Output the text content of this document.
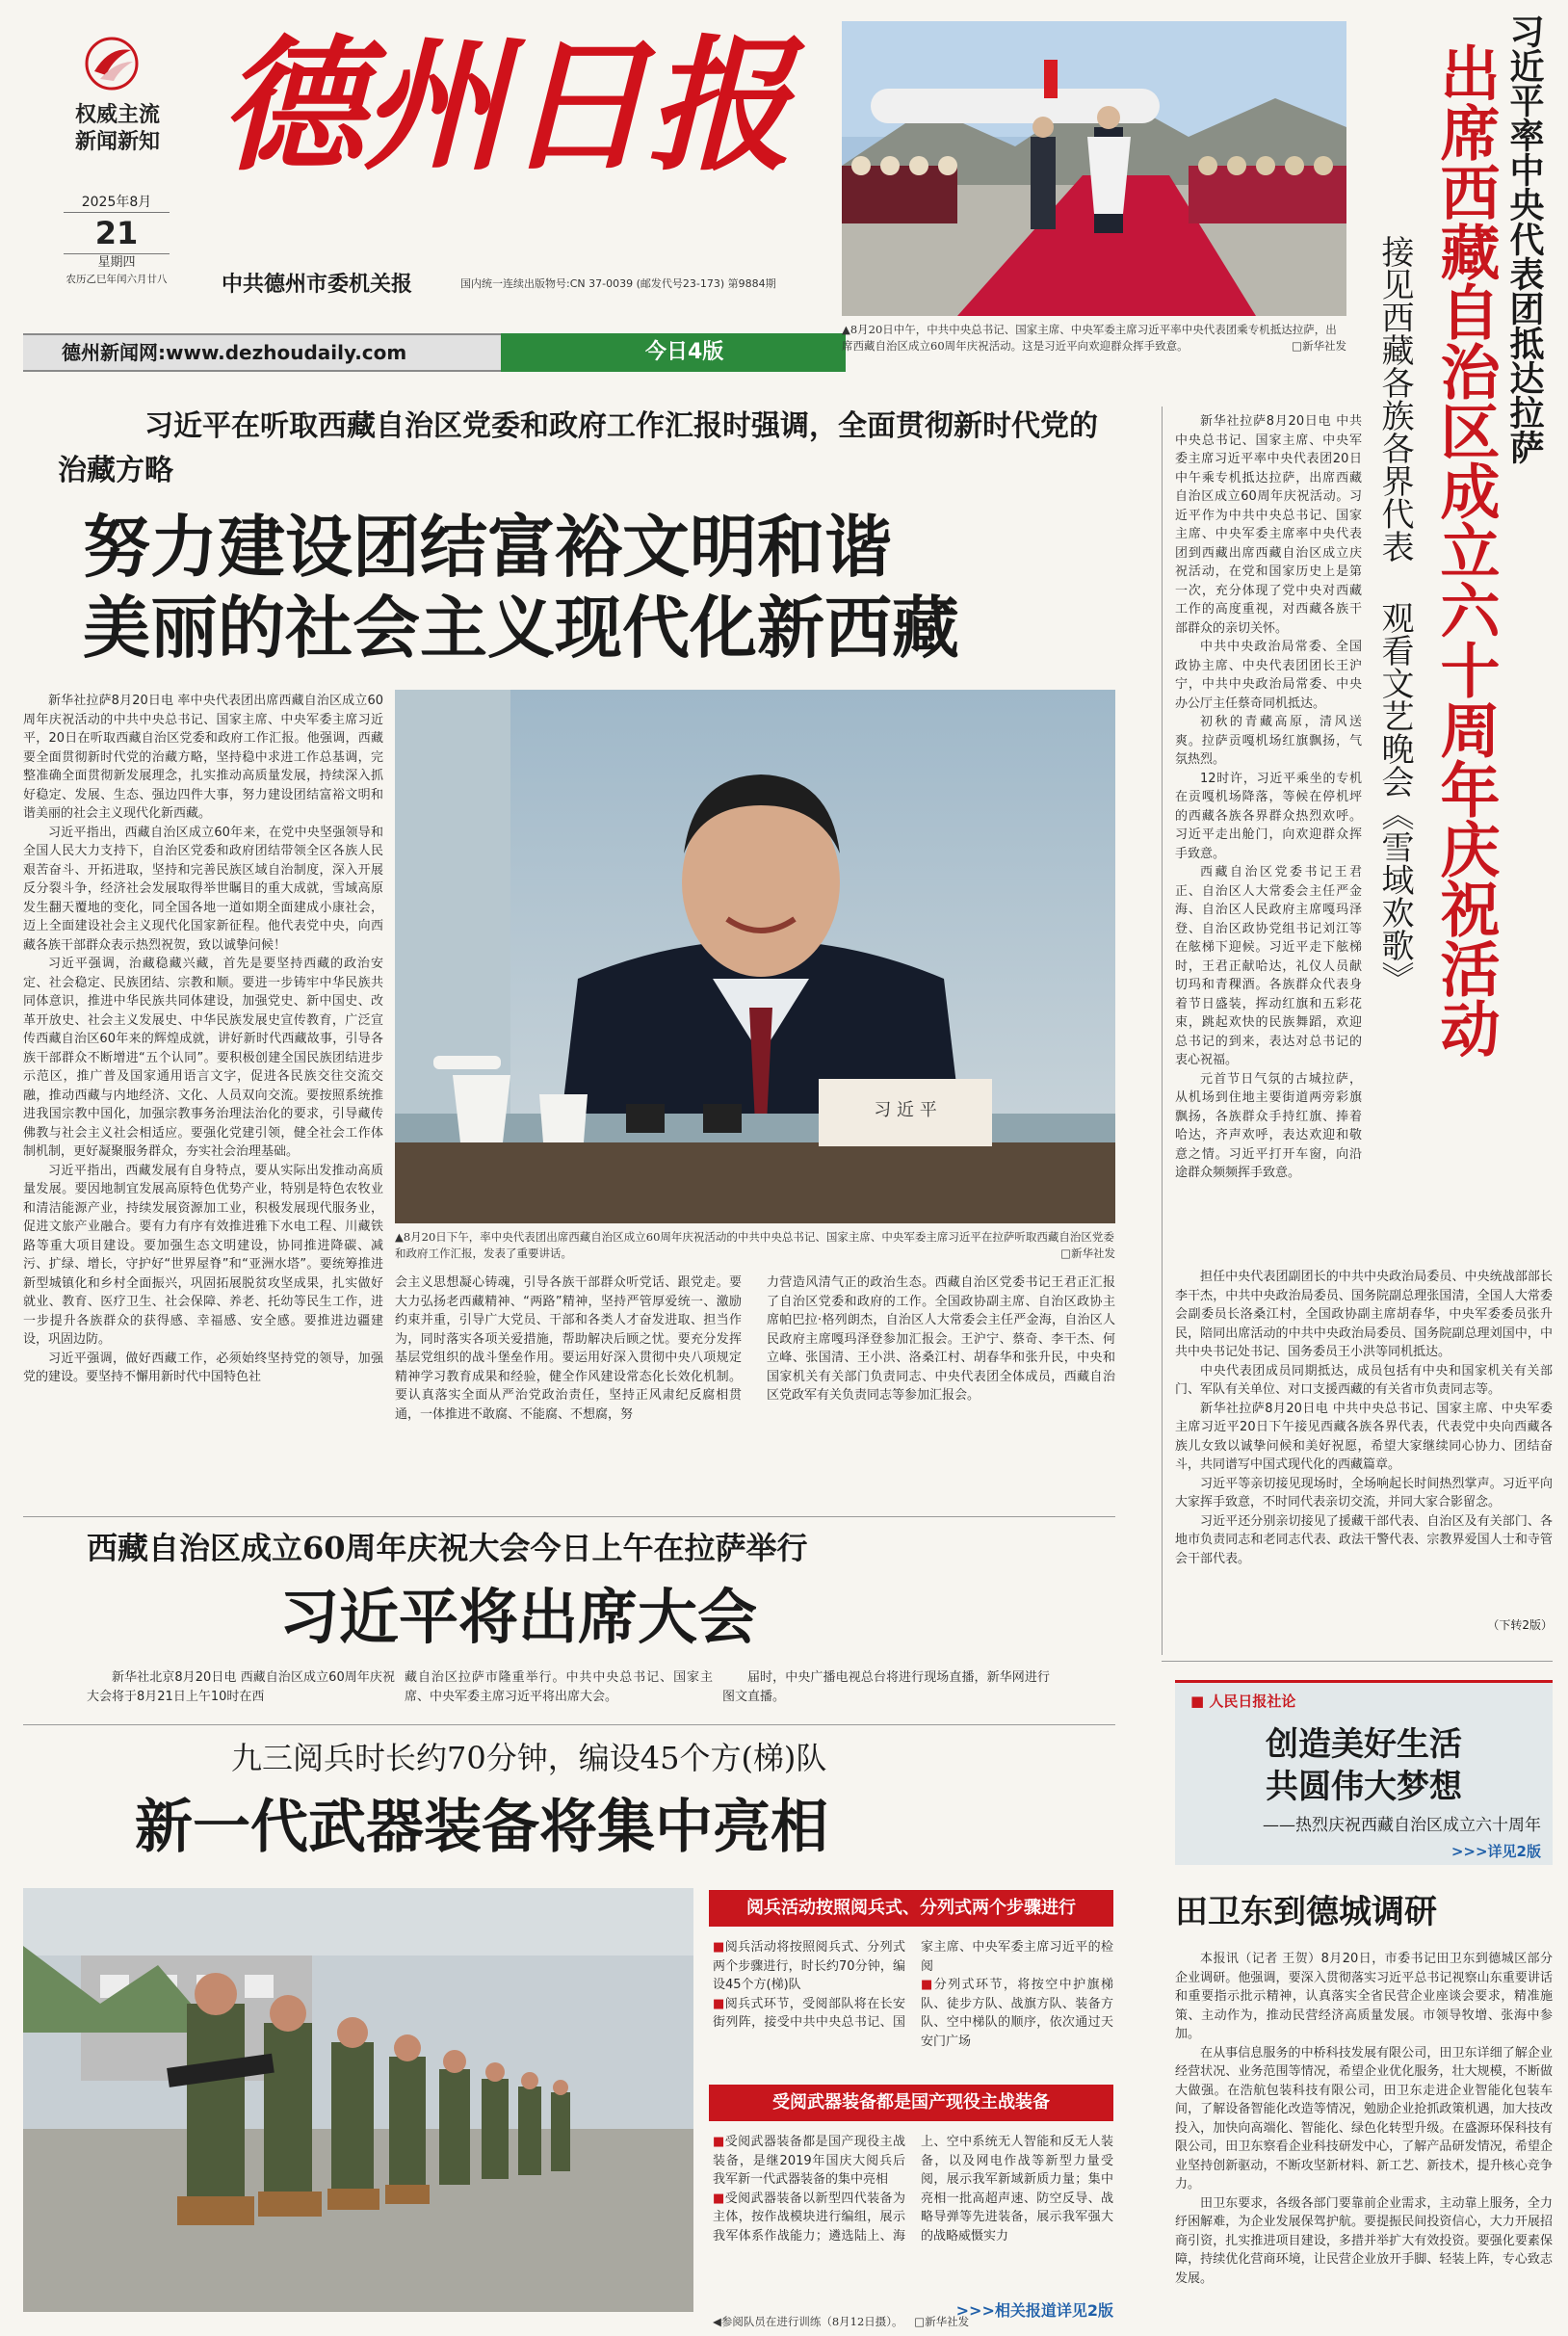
权威主流
新闻新知
2025年8月
21
星期四
农历乙巳年闰六月廿八
德州日报
中共德州市委机关报	国内统一连续出版物号:CN 37-0039 (邮发代号23-173) 第9884期
德州新闻网:www.dezhoudaily.com	今日4版
▲8月20日中午，中共中央总书记、国家主席、中央军委主席习近平率中央代表团乘专机抵达拉萨，出席西藏自治区成立60周年庆祝活动。这是习近平向欢迎群众挥手致意。	□新华社发	习近平率中央代表团抵达拉萨
出席西藏自治区成立六十周年庆祝活动
接见西藏各族各界代表 观看文艺晚会《雪域欢歌》

新华社拉萨8月20日电 中共中央总书记、国家主席、中央军委主席习近平率中央代表团20日中午乘专机抵达拉萨，出席西藏自治区成立60周年庆祝活动。习近平作为中共中央总书记、国家主席、中央军委主席率中央代表团到西藏出席西藏自治区成立庆祝活动，在党和国家历史上是第一次，充分体现了党中央对西藏工作的高度重视，对西藏各族干部群众的亲切关怀。

中共中央政治局常委、全国政协主席、中央代表团团长王沪宁，中共中央政治局常委、中央办公厅主任蔡奇同机抵达。

初秋的青藏高原，清风送爽。拉萨贡嘎机场红旗飘扬，气氛热烈。

12时许，习近平乘坐的专机在贡嘎机场降落，等候在停机坪的西藏各族各界群众热烈欢呼。习近平走出舱门，向欢迎群众挥手致意。

西藏自治区党委书记王君正、自治区人大常委会主任严金海、自治区人民政府主席嘎玛泽登、自治区政协党组书记刘江等在舷梯下迎候。习近平走下舷梯时，王君正献哈达，礼仪人员献切玛和青稞酒。各族群众代表身着节日盛装，挥动红旗和五彩花束，跳起欢快的民族舞蹈，欢迎总书记的到来，表达对总书记的衷心祝福。

元首节日气氛的古城拉萨，从机场到住地主要街道两旁彩旗飘扬，各族群众手持红旗、捧着哈达，齐声欢呼，表达欢迎和敬意之情。习近平打开车窗，向沿途群众频频挥手致意。

担任中央代表团副团长的中共中央政治局委员、中央统战部部长李干杰，中共中央政治局委员、国务院副总理张国清，全国人大常委会副委员长洛桑江村，全国政协副主席胡春华，中央军委委员张升民，陪同出席活动的中共中央政治局委员、国务院副总理刘国中，中共中央书记处书记、国务委员王小洪等同机抵达。

中央代表团成员同期抵达，成员包括有中央和国家机关有关部门、军队有关单位、对口支援西藏的有关省市负责同志等。

新华社拉萨8月20日电 中共中央总书记、国家主席、中央军委主席习近平20日下午接见西藏各族各界代表，代表党中央向西藏各族儿女致以诚挚问候和美好祝愿，希望大家继续同心协力、团结奋斗，共同谱写中国式现代化的西藏篇章。

习近平等亲切接见现场时，全场响起长时间热烈掌声。习近平向大家挥手致意，不时同代表亲切交流，并同大家合影留念。

习近平还分别亲切接见了援藏干部代表、自治区及有关部门、各地市负责同志和老同志代表、政法干警代表、宗教界爱国人士和寺管会干部代表。

（下转2版）
习近平在听取西藏自治区党委和政府工作汇报时强调，全面贯彻新时代党的治藏方略
努力建设团结富裕文明和谐
美丽的社会主义现代化新西藏

新华社拉萨8月20日电 率中央代表团出席西藏自治区成立60周年庆祝活动的中共中央总书记、国家主席、中央军委主席习近平，20日在听取西藏自治区党委和政府工作汇报。他强调，西藏要全面贯彻新时代党的治藏方略，坚持稳中求进工作总基调，完整准确全面贯彻新发展理念，扎实推动高质量发展，持续深入抓好稳定、发展、生态、强边四件大事，努力建设团结富裕文明和谐美丽的社会主义现代化新西藏。

习近平指出，西藏自治区成立60年来，在党中央坚强领导和全国人民大力支持下，自治区党委和政府团结带领全区各族人民艰苦奋斗、开拓进取，坚持和完善民族区域自治制度，深入开展反分裂斗争，经济社会发展取得举世瞩目的重大成就，雪域高原发生翻天覆地的变化，同全国各地一道如期全面建成小康社会，迈上全面建设社会主义现代化国家新征程。他代表党中央，向西藏各族干部群众表示热烈祝贺，致以诚挚问候！

习近平强调，治藏稳藏兴藏，首先是要坚持西藏的政治安定、社会稳定、民族团结、宗教和顺。要进一步铸牢中华民族共同体意识，推进中华民族共同体建设，加强党史、新中国史、改革开放史、社会主义发展史、中华民族发展史宣传教育，广泛宣传西藏自治区60年来的辉煌成就，讲好新时代西藏故事，引导各族干部群众不断增进“五个认同”。要积极创建全国民族团结进步示范区，推广普及国家通用语言文字，促进各民族交往交流交融，推动西藏与内地经济、文化、人员双向交流。要按照系统推进我国宗教中国化，加强宗教事务治理法治化的要求，引导藏传佛教与社会主义社会相适应。要强化党建引领，健全社会工作体制机制，更好凝聚服务群众，夯实社会治理基础。

习近平指出，西藏发展有自身特点，要从实际出发推动高质量发展。要因地制宜发展高原特色优势产业，特别是特色农牧业和清洁能源产业，持续发展资源加工业，积极发展现代服务业，促进文旅产业融合。要有力有序有效推进雅下水电工程、川藏铁路等重大项目建设。要加强生态文明建设，协同推进降碳、减污、扩绿、增长，守护好“世界屋脊”和“亚洲水塔”。要统筹推进新型城镇化和乡村全面振兴，巩固拓展脱贫攻坚成果，扎实做好就业、教育、医疗卫生、社会保障、养老、托幼等民生工作，进一步提升各族群众的获得感、幸福感、安全感。要推进边疆建设，巩固边防。

习近平强调，做好西藏工作，必须始终坚持党的领导，加强党的建设。要坚持不懈用新时代中国特色社

习 近 平
▲8月20日下午，率中央代表团出席西藏自治区成立60周年庆祝活动的中共中央总书记、国家主席、中央军委主席习近平在拉萨听取西藏自治区党委和政府工作汇报，发表了重要讲话。	□新华社发

会主义思想凝心铸魂，引导各族干部群众听党话、跟党走。要大力弘扬老西藏精神、“两路”精神，坚持严管厚爱统一、激励约束并重，引导广大党员、干部和各类人才奋发进取、担当作为，同时落实各项关爱措施，帮助解决后顾之忧。要充分发挥基层党组织的战斗堡垒作用。要运用好深入贯彻中央八项规定精神学习教育成果和经验，健全作风建设常态化长效化机制。要认真落实全面从严治党政治责任，坚持正风肃纪反腐相贯通，一体推进不敢腐、不能腐、不想腐，努

力营造风清气正的政治生态。西藏自治区党委书记王君正汇报了自治区党委和政府的工作。全国政协副主席、自治区政协主席帕巴拉·格列朗杰，自治区人大常委会主任严金海，自治区人民政府主席嘎玛泽登参加汇报会。王沪宁、蔡奇、李干杰、何立峰、张国清、王小洪、洛桑江村、胡春华和张升民，中央和国家机关有关部门负责同志、中央代表团全体成员，西藏自治区党政军有关负责同志等参加汇报会。

西藏自治区成立60周年庆祝大会今日上午在拉萨举行
习近平将出席大会

新华社北京8月20日电 西藏自治区成立60周年庆祝大会将于8月21日上午10时在西

藏自治区拉萨市隆重举行。中共中央总书记、国家主席、中央军委主席习近平将出席大会。

届时，中央广播电视总台将进行现场直播，新华网进行图文直播。

九三阅兵时长约70分钟，编设45个方(梯)队
新一代武器装备将集中亮相
阅兵活动按照阅兵式、分列式两个步骤进行

■阅兵活动将按照阅兵式、分列式两个步骤进行，时长约70分钟，编设45个方(梯)队

■阅兵式环节，受阅部队将在长安街列阵，接受中共中央总书记、国家主席、中央军委主席习近平的检阅

■分列式环节，将按空中护旗梯队、徒步方队、战旗方队、装备方队、空中梯队的顺序，依次通过天安门广场

受阅武器装备都是国产现役主战装备

■受阅武器装备都是国产现役主战装备，是继2019年国庆大阅兵后我军新一代武器装备的集中亮相

■受阅武器装备以新型四代装备为主体，按作战模块进行编组，展示我军体系作战能力；遴选陆上、海上、空中系统无人智能和反无人装备，以及网电作战等新型力量受阅，展示我军新域新质力量；集中亮相一批高超声速、防空反导、战略导弹等先进装备，展示我军强大的战略威慑实力

>>>相关报道详见2版
◀参阅队员在进行训练（8月12日摄）。 □新华社发
■ 人民日报社论
创造美好生活
共圆伟大梦想
——热烈庆祝西藏自治区成立六十周年
>>>详见2版
田卫东到德城调研

本报讯（记者 王贺）8月20日，市委书记田卫东到德城区部分企业调研。他强调，要深入贯彻落实习近平总书记视察山东重要讲话和重要指示批示精神，认真落实全省民营企业座谈会要求，精准施策、主动作为，推动民营经济高质量发展。市领导牧增、张海中参加。

在从事信息服务的中桥科技发展有限公司，田卫东详细了解企业经营状况、业务范围等情况，希望企业优化服务，壮大规模，不断做大做强。在浩航包装科技有限公司，田卫东走进企业智能化包装车间，了解设备智能化改造等情况，勉励企业抢抓政策机遇，加大技改投入，加快向高端化、智能化、绿色化转型升级。在盛源环保科技有限公司，田卫东察看企业科技研发中心，了解产品研发情况，希望企业坚持创新驱动，不断攻坚新材料、新工艺、新技术，提升核心竞争力。

田卫东要求，各级各部门要靠前企业需求，主动靠上服务，全力纾困解难，为企业发展保驾护航。要提振民间投资信心，大力开展招商引资，扎实推进项目建设，多措并举扩大有效投资。要强化要素保障，持续优化营商环境，让民营企业放开手脚、轻装上阵，专心致志发展。
